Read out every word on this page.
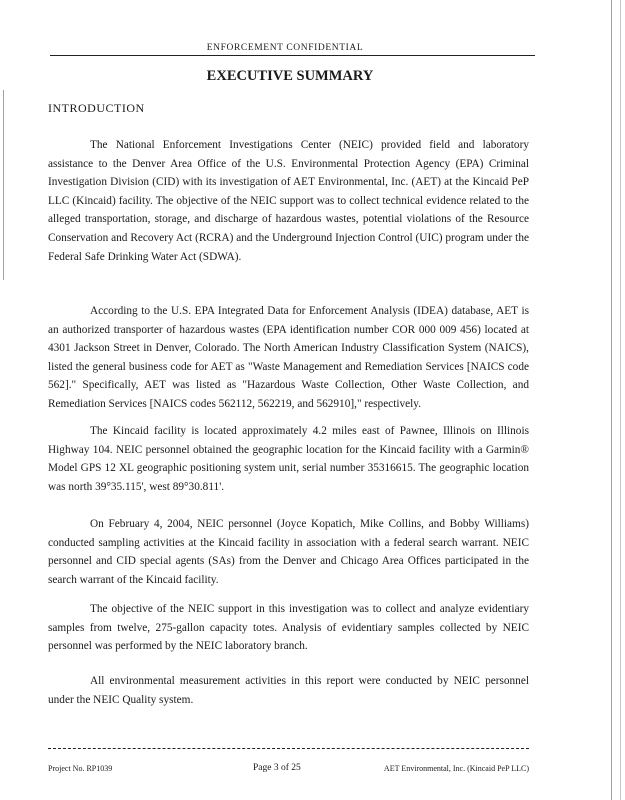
ENFORCEMENT CONFIDENTIAL
EXECUTIVE SUMMARY
INTRODUCTION

The National Enforcement Investigations Center (NEIC) provided field and laboratory assistance to the Denver Area Office of the U.S. Environmental Protection Agency (EPA) Criminal Investigation Division (CID) with its investigation of AET Environmental, Inc. (AET) at the Kincaid PeP LLC (Kincaid) facility. The objective of the NEIC support was to collect technical evidence related to the alleged transportation, storage, and discharge of hazardous wastes, potential violations of the Resource Conservation and Recovery Act (RCRA) and the Underground Injection Control (UIC) program under the Federal Safe Drinking Water Act (SDWA).

According to the U.S. EPA Integrated Data for Enforcement Analysis (IDEA) database, AET is an authorized transporter of hazardous wastes (EPA identification number COR 000 009 456) located at 4301 Jackson Street in Denver, Colorado. The North American Industry Classification System (NAICS), listed the general business code for AET as "Waste Management and Remediation Services [NAICS code 562]." Specifically, AET was listed as "Hazardous Waste Collection, Other Waste Collection, and Remediation Services [NAICS codes 562112, 562219, and 562910]," respectively.

The Kincaid facility is located approximately 4.2 miles east of Pawnee, Illinois on Illinois Highway 104. NEIC personnel obtained the geographic location for the Kincaid facility with a Garmin® Model GPS 12 XL geographic positioning system unit, serial number 35316615. The geographic location was north 39°35.115', west 89°30.811'.

On February 4, 2004, NEIC personnel (Joyce Kopatich, Mike Collins, and Bobby Williams) conducted sampling activities at the Kincaid facility in association with a federal search warrant. NEIC personnel and CID special agents (SAs) from the Denver and Chicago Area Offices participated in the search warrant of the Kincaid facility.

The objective of the NEIC support in this investigation was to collect and analyze evidentiary samples from twelve, 275-gallon capacity totes. Analysis of evidentiary samples collected by NEIC personnel was performed by the NEIC laboratory branch.

All environmental measurement activities in this report were conducted by NEIC personnel under the NEIC Quality system.

Project No. RP1039	Page 3 of 25	AET Environmental, Inc. (Kincaid PeP LLC)
